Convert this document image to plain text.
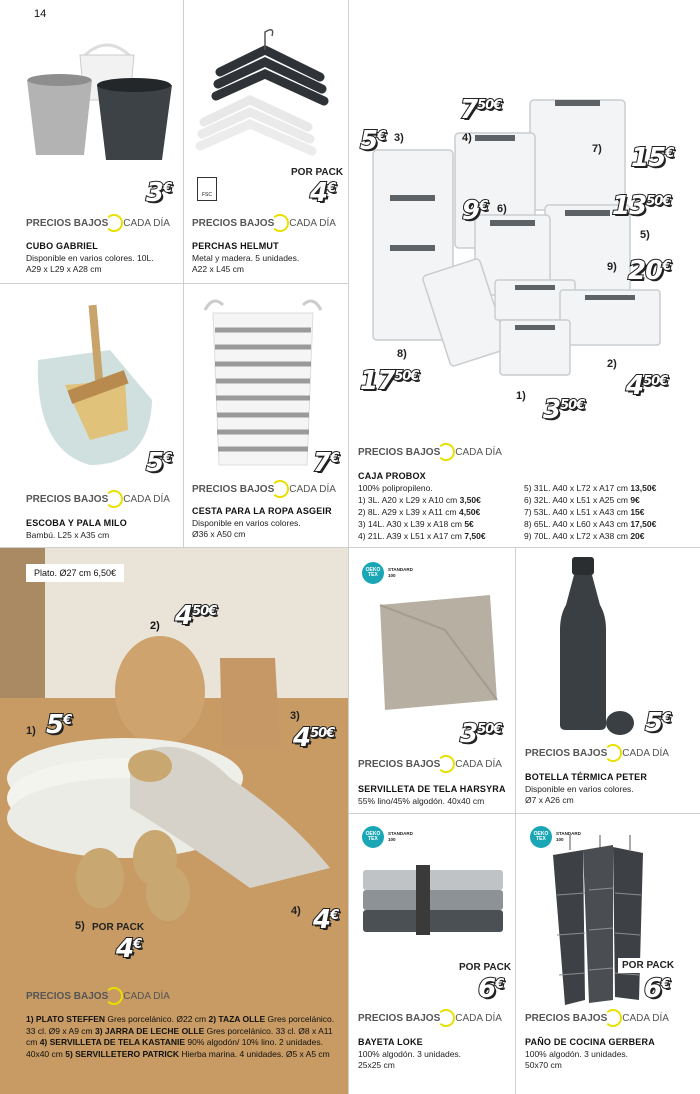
14
3€
PRECIOS BAJOS CADA DÍA
CUBO GABRIEL
Disponible en varios colores. 10L.
A29 x L29 x A28 cm
FSC
POR PACK
4€
PRECIOS BAJOS CADA DÍA
PERCHAS HELMUT
Metal y madera. 5 unidades.
A22 x L45 cm
5€
PRECIOS BAJOS CADA DÍA
ESCOBA Y PALA MILO
Bambú. L25 x A35 cm
7€
PRECIOS BAJOS CADA DÍA
CESTA PARA LA ROPA ASGEIR
Disponible en varios colores.
Ø36 x A50 cm
5€ 3)
$7^{50€}$
4)
15€
7)
9€ 6)	$13^{50€}$
5)
20€
9)
$17^{50€}$
8)
$4^{50€}$
2)
$3^{50€}$
1)
PRECIOS BAJOS CADA DÍA
CAJA PROBOX
100% polipropileno.
1) 3L. A20 x L29 x A10 cm 3,50€
2) 8L. A29 x L39 x A11 cm 4,50€
3) 14L. A30 x L39 x A18 cm 5€
4) 21L. A39 x L51 x A17 cm 7,50€
5) 31L. A40 x L72 x A17 cm 13,50€
6) 32L. A40 x L51 x A25 cm 9€
7) 53L. A40 x L51 x A43 cm 15€
8) 65L. A40 x L60 x A43 cm 17,50€
9) 70L. A40 x L72 x A38 cm 20€
Plato. Ø27 cm 6,50€
$4^{50€}$
2)
5€
1)	$4^{50€}$
3)
4€
4)
POR PACK
4€
5)
PRECIOS BAJOS CADA DÍA
1) PLATO STEFFEN Gres porcelánico. Ø22 cm 2) TAZA OLLE Gres porcelánico. 33 cl. Ø9 x A9 cm 3) JARRA DE LECHE OLLE Gres porcelánico. 33 cl. Ø8 x A11 cm 4) SERVILLETA DE TELA KASTANIE 90% algodón/ 10% lino. 2 unidades. 40x40 cm 5) SERVILLETERO PATRICK Hierba marina. 4 unidades. Ø5 x A5 cm
OEKO TEX
STANDARD
100
$3^{50€}$
PRECIOS BAJOS CADA DÍA
SERVILLETA DE TELA HARSYRA
55% lino/45% algodón. 40x40 cm
5€
PRECIOS BAJOS CADA DÍA
BOTELLA TÉRMICA PETER
Disponible en varios colores.
Ø7 x A26 cm
OEKO TEX
STANDARD
100
POR PACK
6€
PRECIOS BAJOS CADA DÍA
BAYETA LOKE
100% algodón. 3 unidades.
25x25 cm
OEKO TEX
STANDARD
100
POR PACK
6€
PRECIOS BAJOS CADA DÍA
PAÑO DE COCINA GERBERA
100% algodón. 3 unidades.
50x70 cm
